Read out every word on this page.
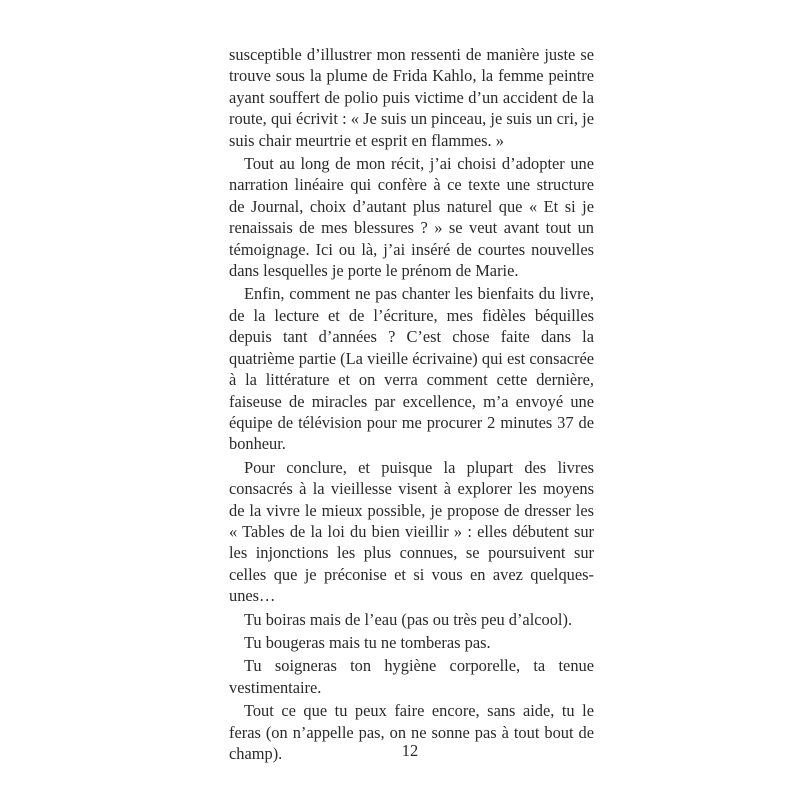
susceptible d’illustrer mon ressenti de manière juste se trouve sous la plume de Frida Kahlo, la femme peintre ayant souffert de polio puis victime d’un accident de la route, qui écrivit : « Je suis un pinceau, je suis un cri, je suis chair meurtrie et esprit en flammes. »

Tout au long de mon récit, j’ai choisi d’adopter une narration linéaire qui confère à ce texte une structure de Journal, choix d’autant plus naturel que « Et si je renaissais de mes blessures ? » se veut avant tout un témoignage. Ici ou là, j’ai inséré de courtes nouvelles dans lesquelles je porte le prénom de Marie.

Enfin, comment ne pas chanter les bienfaits du livre, de la lecture et de l’écriture, mes fidèles béquilles depuis tant d’années ? C’est chose faite dans la quatrième partie (La vieille écrivaine) qui est consacrée à la littérature et on verra comment cette dernière, faiseuse de miracles par excellence, m’a envoyé une équipe de télévision pour me procurer 2 minutes 37 de bonheur.

Pour conclure, et puisque la plupart des livres consacrés à la vieillesse visent à explorer les moyens de la vivre le mieux possible, je propose de dresser les « Tables de la loi du bien vieillir » : elles débutent sur les injonctions les plus connues, se poursuivent sur celles que je préconise et si vous en avez quelques-unes…

Tu boiras mais de l’eau (pas ou très peu d’alcool).

Tu bougeras mais tu ne tomberas pas.

Tu soigneras ton hygiène corporelle, ta tenue vestimentaire.

Tout ce que tu peux faire encore, sans aide, tu le feras (on n’appelle pas, on ne sonne pas à tout bout de champ).	12
